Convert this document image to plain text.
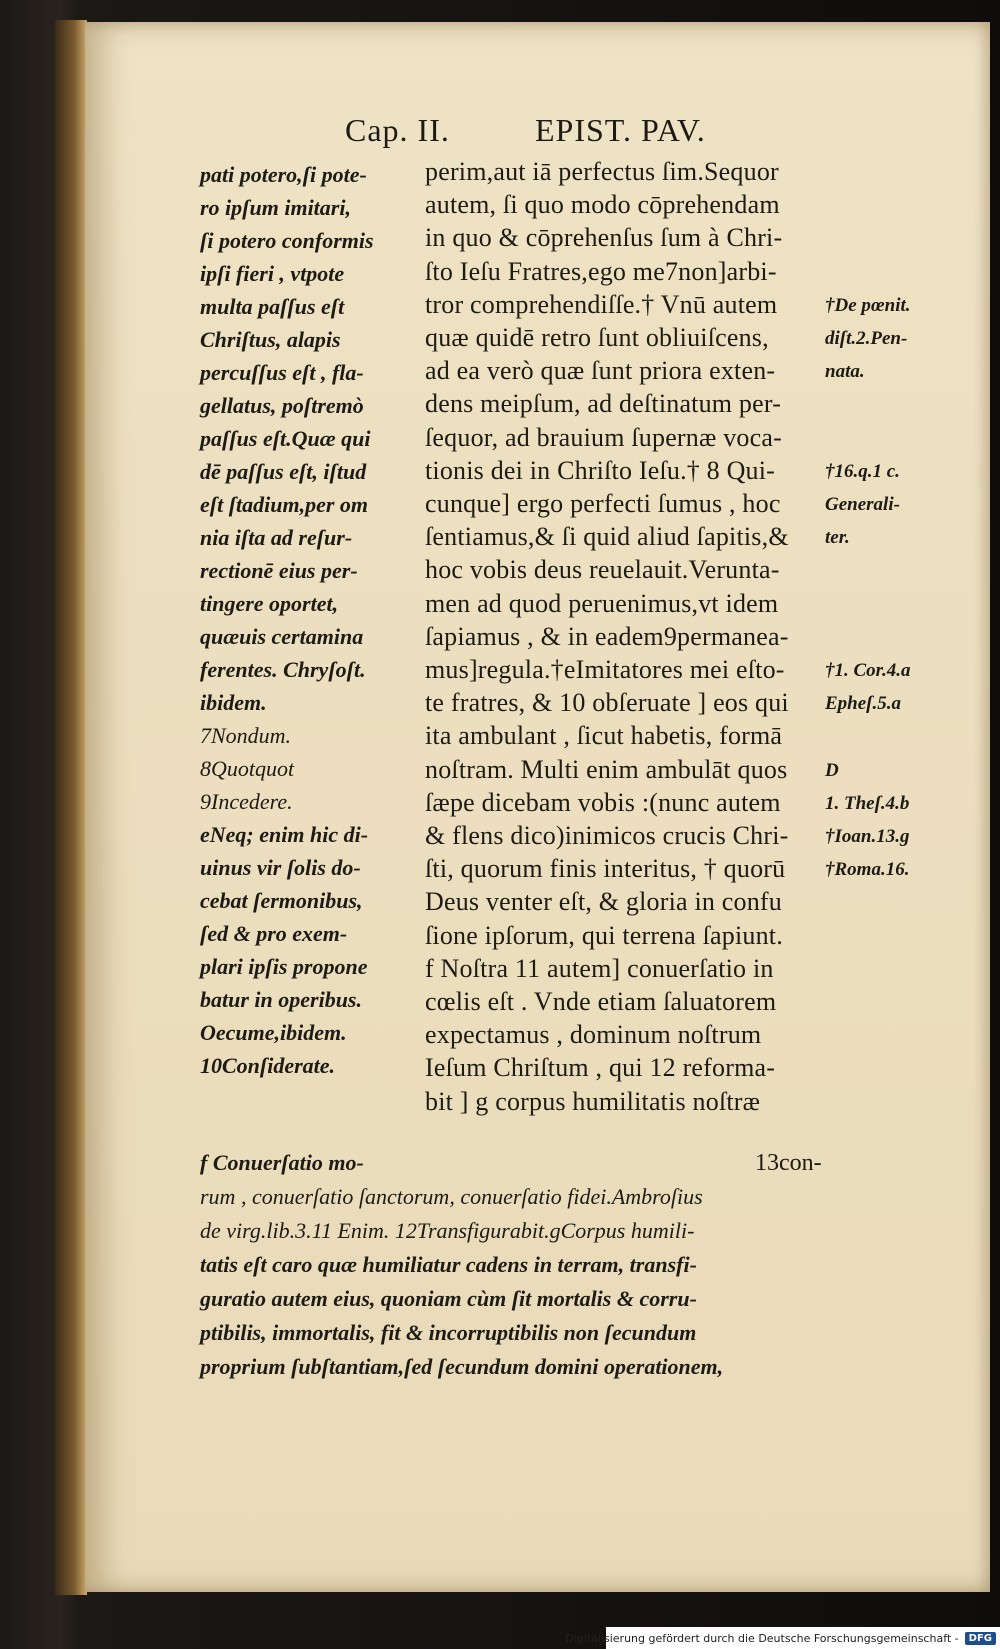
Cap. II.	EPIST. PAV.
pati potero,ſi pote-
ro ipſum imitari,
ſi potero conformis
ipſi fieri , vtpote
multa paſſus eſt
Chriſtus, alapis
percuſſus eſt , fla-
gellatus, poſtremò
paſſus eſt.Quæ qui
dē paſſus eſt, iſtud
eſt ſtadium,per om
nia iſta ad reſur-
rectionē eius per-
tingere oportet,
quæuis certamina
ferentes. Chryſoſt.
ibidem.
7Nondum.
8Quotquot
9Incedere.
eNeq; enim hic di-
uinus vir ſolis do-
cebat ſermonibus,
ſed & pro exem-
plari ipſis propone
batur in operibus.
Oecume,ibidem.
10Conſiderate.
perim,aut iā perfectus ſim.Sequor
autem, ſi quo modo cōprehendam
in quo & cōprehenſus ſum à Chri-
ſto Ieſu Fratres,ego me7non]arbi-
tror comprehendiſſe.† Vnū autem
quæ quidē retro ſunt obliuiſcens,
ad ea verò quæ ſunt priora exten-
dens meipſum, ad deſtinatum per-
ſequor, ad brauium ſupernæ voca-
tionis dei in Chriſto Ieſu.† 8 Qui-
cunque] ergo perfecti ſumus , hoc
ſentiamus,& ſi quid aliud ſapitis,&
hoc vobis deus reuelauit.Verunta-
men ad quod peruenimus,vt idem
ſapiamus , & in eadem9permanea-
mus]regula.†eImitatores mei eſto-
te fratres, & 10 obſeruate ] eos qui
ita ambulant , ſicut habetis, formā
noſtram. Multi enim ambulāt quos
ſæpe dicebam vobis :(nunc autem
& flens dico)inimicos crucis Chri-
ſti, quorum finis interitus, † quorū
Deus venter eſt, & gloria in confu
ſione ipſorum, qui terrena ſapiunt.
f Noſtra 11 autem] conuerſatio in
cœlis eſt . Vnde etiam ſaluatorem
expectamus , dominum noſtrum
Ieſum Chriſtum , qui 12 reforma-
bit ] g corpus humilitatis noſtræ
†De pœnit.
diſt.2.Pen-
nata.
†16.q.1 c.
Generali-
ter.
†1. Cor.4.a
Epheſ.5.a
D
1. Theſ.4.b
†Ioan.13.g
†Roma.16.
f Conuerſatio mo-	13con-
rum , conuerſatio ſanctorum, conuerſatio fidei.Ambroſius
de virg.lib.3.11 Enim. 12Transfigurabit.gCorpus humili-
tatis eſt caro quæ humiliatur cadens in terram, transfi-
guratio autem eius, quoniam cùm ſit mortalis & corru-
ptibilis, immortalis, fit & incorruptibilis non ſecundum
proprium ſubſtantiam,ſed ſecundum domini operationem,
Digitalisierung gefördert durch die Deutsche Forschungsgemeinschaft -	DFG
